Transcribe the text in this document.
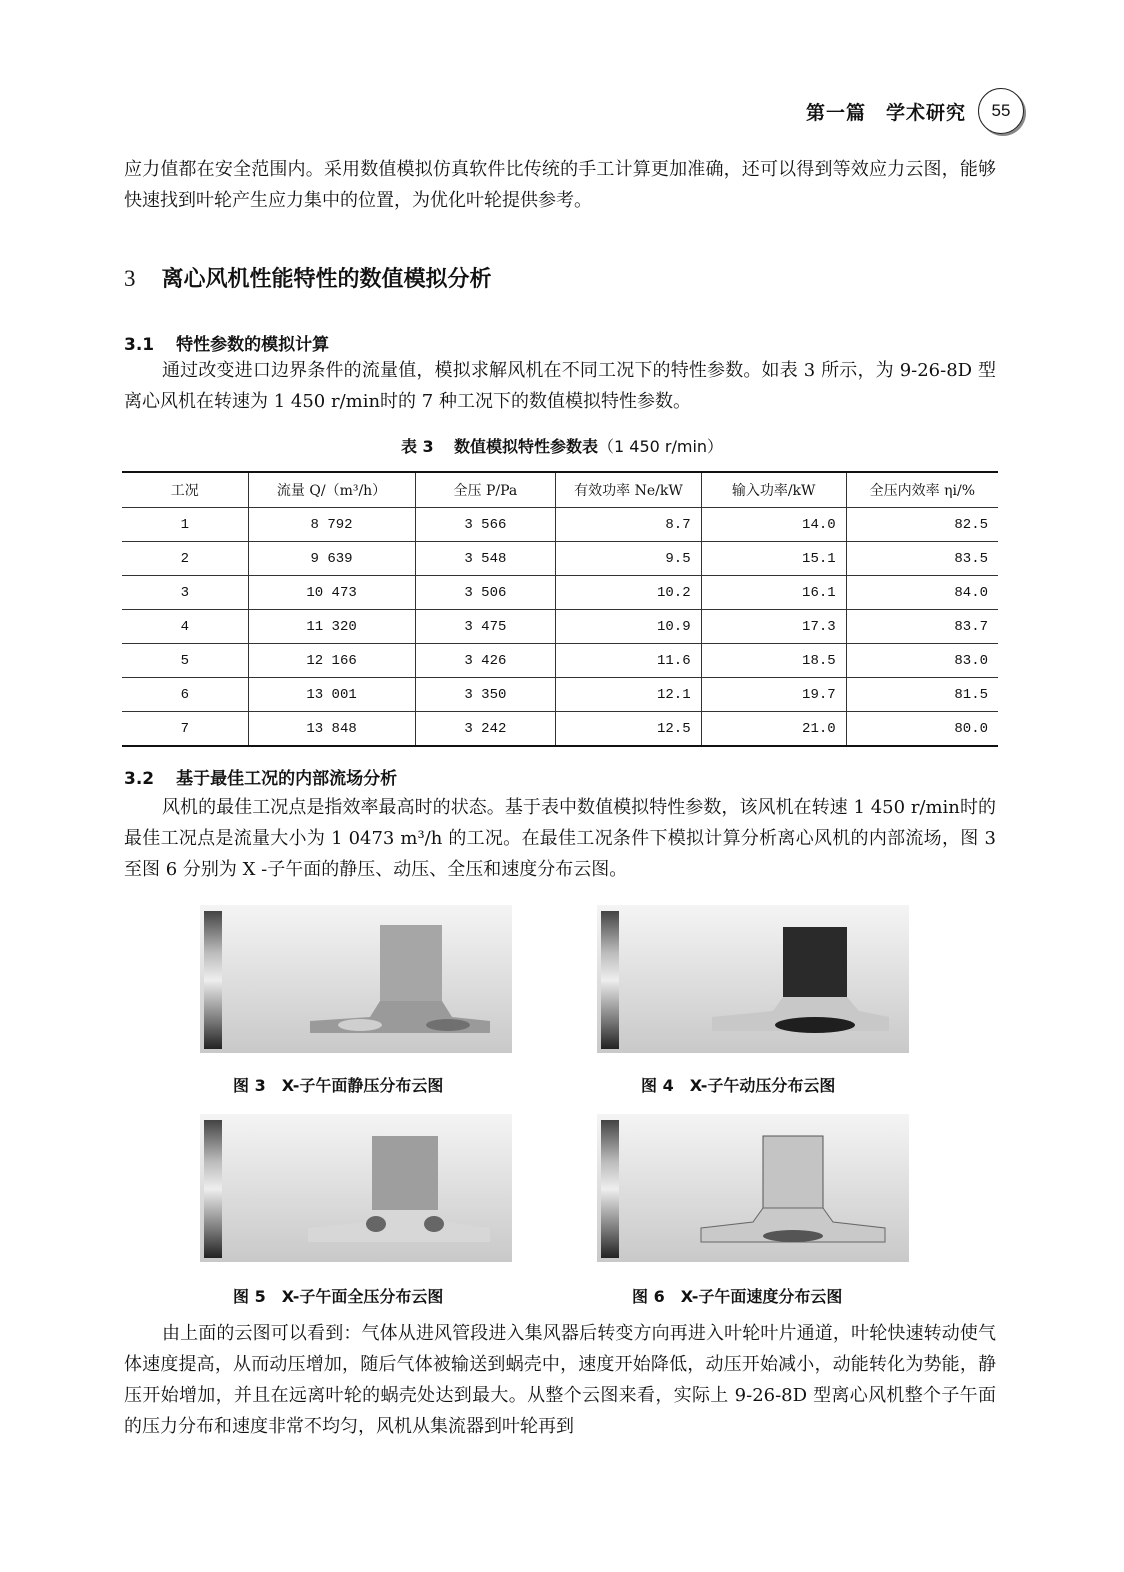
第一篇　学术研究	55

应力值都在安全范围内。采用数值模拟仿真软件比传统的手工计算更加准确，还可以得到等效应力云图，能够快速找到叶轮产生应力集中的位置，为优化叶轮提供参考。

3 离心风机性能特性的数值模拟分析
3.1 特性参数的模拟计算

通过改变进口边界条件的流量值，模拟求解风机在不同工况下的特性参数。如表 3 所示，为 9-26-8D 型离心风机在转速为 1 450 r/min时的 7 种工况下的数值模拟特性参数。

表 3 数值模拟特性参数表（1 450 r/min）
工况	流量 Q/（m³/h）	全压 P/Pa	有效功率 Ne/kW	输入功率/kW	全压内效率 ηi/%
1	8 792	3 566	8.7	14.0	82.5
2	9 639	3 548	9.5	15.1	83.5
3	10 473	3 506	10.2	16.1	84.0
4	11 320	3 475	10.9	17.3	83.7
5	12 166	3 426	11.6	18.5	83.0
6	13 001	3 350	12.1	19.7	81.5
7	13 848	3 242	12.5	21.0	80.0
3.2 基于最佳工况的内部流场分析

风机的最佳工况点是指效率最高时的状态。基于表中数值模拟特性参数，该风机在转速 1 450 r/min时的最佳工况点是流量大小为 1 0473 m³/h 的工况。在最佳工况条件下模拟计算分析离心风机的内部流场，图 3 至图 6 分别为 X -子午面的静压、动压、全压和速度分布云图。

图 3 X-子午面静压分布云图	图 4 X-子午动压分布云图
图 5 X-子午面全压分布云图	图 6 X-子午面速度分布云图

由上面的云图可以看到：气体从进风管段进入集风器后转变方向再进入叶轮叶片通道，叶轮快速转动使气体速度提高，从而动压增加，随后气体被输送到蜗壳中，速度开始降低，动压开始减小，动能转化为势能，静压开始增加，并且在远离叶轮的蜗壳处达到最大。从整个云图来看，实际上 9-26-8D 型离心风机整个子午面的压力分布和速度非常不均匀，风机从集流器到叶轮再到
